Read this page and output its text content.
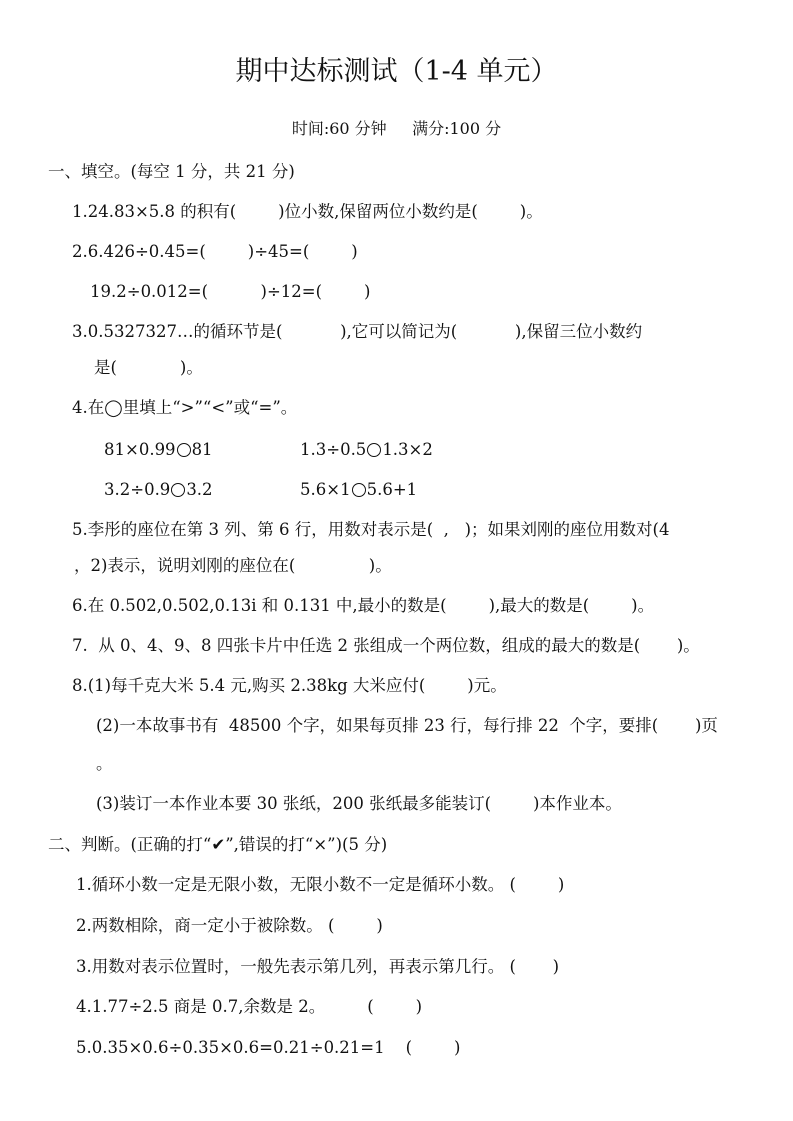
期中达标测试（1-4 单元）
时间:60 分钟     满分:100 分
一、填空。(每空 1 分，共 21 分)
1.24.83×5.8 的积有(        )位小数,保留两位小数约是(        )。
2.6.426÷0.45=(        )÷45=(        )
19.2÷0.012=(          )÷12=(        )
3.0.5327327…的循环节是(           ),它可以简记为(           ),保留三位小数约
是(            )。
4.在◯里填上“>”“<”或“=”。
81×0.99 81	1.3÷0.5 1.3×2
3.2÷0.9 3.2	5.6×1 5.6+1
5.李彤的座位在第 3 列、第 6 行，用数对表示是(  ,   )；如果刘刚的座位用数对(4
，2)表示，说明刘刚的座位在(              )。
6.在 0.502,0.502,0.13i 和 0.131 中,最小的数是(        ),最大的数是(        )。
7.  从 0、4、9、8 四张卡片中任选 2 张组成一个两位数，组成的最大的数是(       )。
8.(1)每千克大米 5.4 元,购买 2.38kg 大米应付(        )元。
(2)一本故事书有  48500 个字，如果每页排 23 行，每行排 22  个字，要排(       )页
。
(3)装订一本作业本要 30 张纸，200 张纸最多能装订(        )本作业本。
二、判断。(正确的打“✔”,错误的打“×”)(5 分)
1.循环小数一定是无限小数，无限小数不一定是循环小数。 (        )
2.两数相除，商一定小于被除数。 (        )
3.用数对表示位置时，一般先表示第几列，再表示第几行。 (       )
4.1.77÷2.5 商是 0.7,余数是 2。        (        )
5.0.35×0.6÷0.35×0.6=0.21÷0.21=1    (        )
